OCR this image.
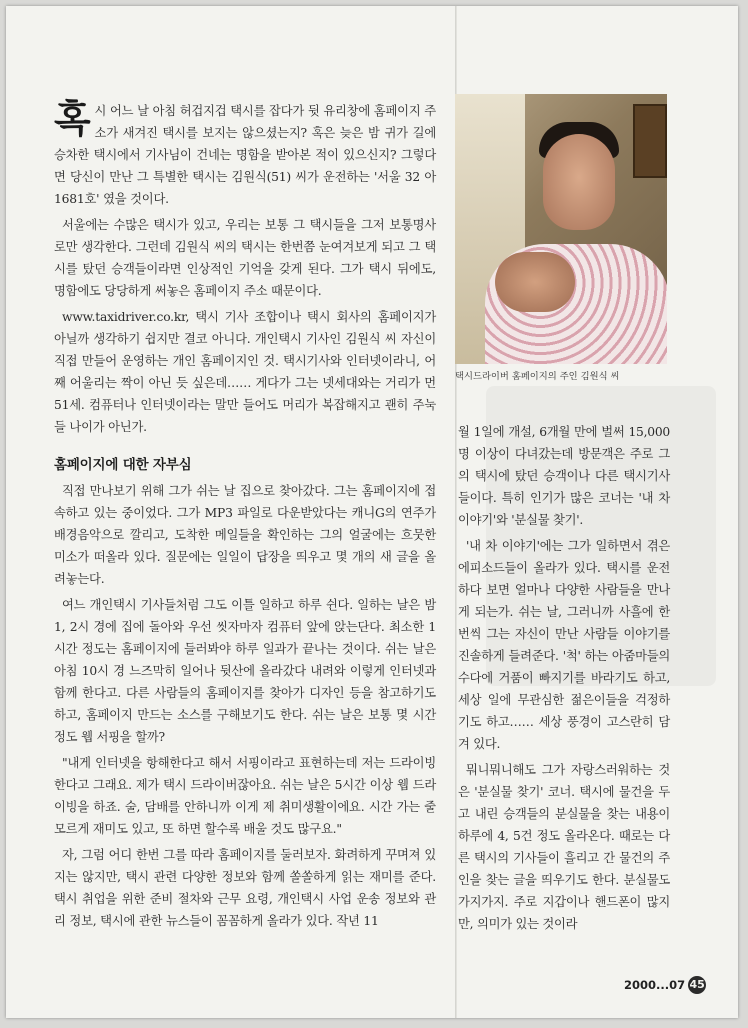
혹시 어느 날 아침 허겁지겁 택시를 잡다가 뒷 유리창에 홈페이지 주소가 새겨진 택시를 보지는 않으셨는지? 혹은 늦은 밤 귀가 길에 승차한 택시에서 기사님이 건네는 명함을 받아본 적이 있으신지? 그렇다면 당신이 만난 그 특별한 택시는 김원식(51) 씨가 운전하는 '서울 32 아 1681호' 였을 것이다.

서울에는 수많은 택시가 있고, 우리는 보통 그 택시들을 그저 보통명사로만 생각한다. 그런데 김원식 씨의 택시는 한번쯤 눈여겨보게 되고 그 택시를 탔던 승객들이라면 인상적인 기억을 갖게 된다. 그가 택시 뒤에도, 명함에도 당당하게 써놓은 홈페이지 주소 때문이다.

www.taxidriver.co.kr, 택시 기사 조합이나 택시 회사의 홈페이지가 아닐까 생각하기 쉽지만 결코 아니다. 개인택시 기사인 김원식 씨 자신이 직접 만들어 운영하는 개인 홈페이지인 것. 택시기사와 인터넷이라니, 어째 어울리는 짝이 아닌 듯 싶은데…… 게다가 그는 넷세대와는 거리가 먼 51세. 컴퓨터나 인터넷이라는 말만 들어도 머리가 복잡해지고 괜히 주눅 들 나이가 아닌가.

홈페이지에 대한 자부심

직접 만나보기 위해 그가 쉬는 날 집으로 찾아갔다. 그는 홈페이지에 접속하고 있는 중이었다. 그가 MP3 파일로 다운받았다는 캐니G의 연주가 배경음악으로 깔리고, 도착한 메일들을 확인하는 그의 얼굴에는 흐뭇한 미소가 떠올라 있다. 질문에는 일일이 답장을 띄우고 몇 개의 새 글을 올려놓는다.

여느 개인택시 기사들처럼 그도 이틀 일하고 하루 쉰다. 일하는 날은 밤 1, 2시 경에 집에 돌아와 우선 씻자마자 컴퓨터 앞에 앉는단다. 최소한 1시간 정도는 홈페이지에 들러봐야 하루 일과가 끝나는 것이다. 쉬는 날은 아침 10시 경 느즈막히 일어나 뒷산에 올라갔다 내려와 이렇게 인터넷과 함께 한다고. 다른 사람들의 홈페이지를 찾아가 디자인 등을 참고하기도 하고, 홈페이지 만드는 소스를 구해보기도 한다. 쉬는 날은 보통 몇 시간 정도 웹 서핑을 할까?

"내게 인터넷을 항해한다고 해서 서핑이라고 표현하는데 저는 드라이빙 한다고 그래요. 제가 택시 드라이버잖아요. 쉬는 날은 5시간 이상 웹 드라이빙을 하죠. 술, 담배를 안하니까 이게 제 취미생활이에요. 시간 가는 줄 모르게 재미도 있고, 또 하면 할수록 배울 것도 많구요."

자, 그럼 어디 한번 그를 따라 홈페이지를 둘러보자. 화려하게 꾸며져 있지는 않지만, 택시 관련 다양한 정보와 함께 쏠쏠하게 읽는 재미를 준다. 택시 취업을 위한 준비 절차와 근무 요령, 개인택시 사업 운송 정보와 관리 정보, 택시에 관한 뉴스들이 꼼꼼하게 올라가 있다. 작년 11

택시드라이버 홈페이지의 주인 김원식 씨

월 1일에 개설, 6개월 만에 벌써 15,000명 이상이 다녀갔는데 방문객은 주로 그의 택시에 탔던 승객이나 다른 택시기사들이다. 특히 인기가 많은 코너는 '내 차 이야기'와 '분실물 찾기'.

'내 차 이야기'에는 그가 일하면서 겪은 에피소드들이 올라가 있다. 택시를 운전하다 보면 얼마나 다양한 사람들을 만나게 되는가. 쉬는 날, 그러니까 사흘에 한 번씩 그는 자신이 만난 사람들 이야기를 진솔하게 들려준다. '척' 하는 아줌마들의 수다에 거품이 빠지기를 바라기도 하고, 세상 일에 무관심한 젊은이들을 걱정하기도 하고…… 세상 풍경이 고스란히 담겨 있다.

뭐니뭐니해도 그가 자랑스러워하는 것은 '분실물 찾기' 코너. 택시에 물건을 두고 내린 승객들의 분실물을 찾는 내용이 하루에 4, 5건 정도 올라온다. 때로는 다른 택시의 기사들이 흘리고 간 물건의 주인을 찾는 글을 띄우기도 한다. 분실물도 가지가지. 주로 지갑이나 핸드폰이 많지만, 의미가 있는 것이라

2000...07 45
